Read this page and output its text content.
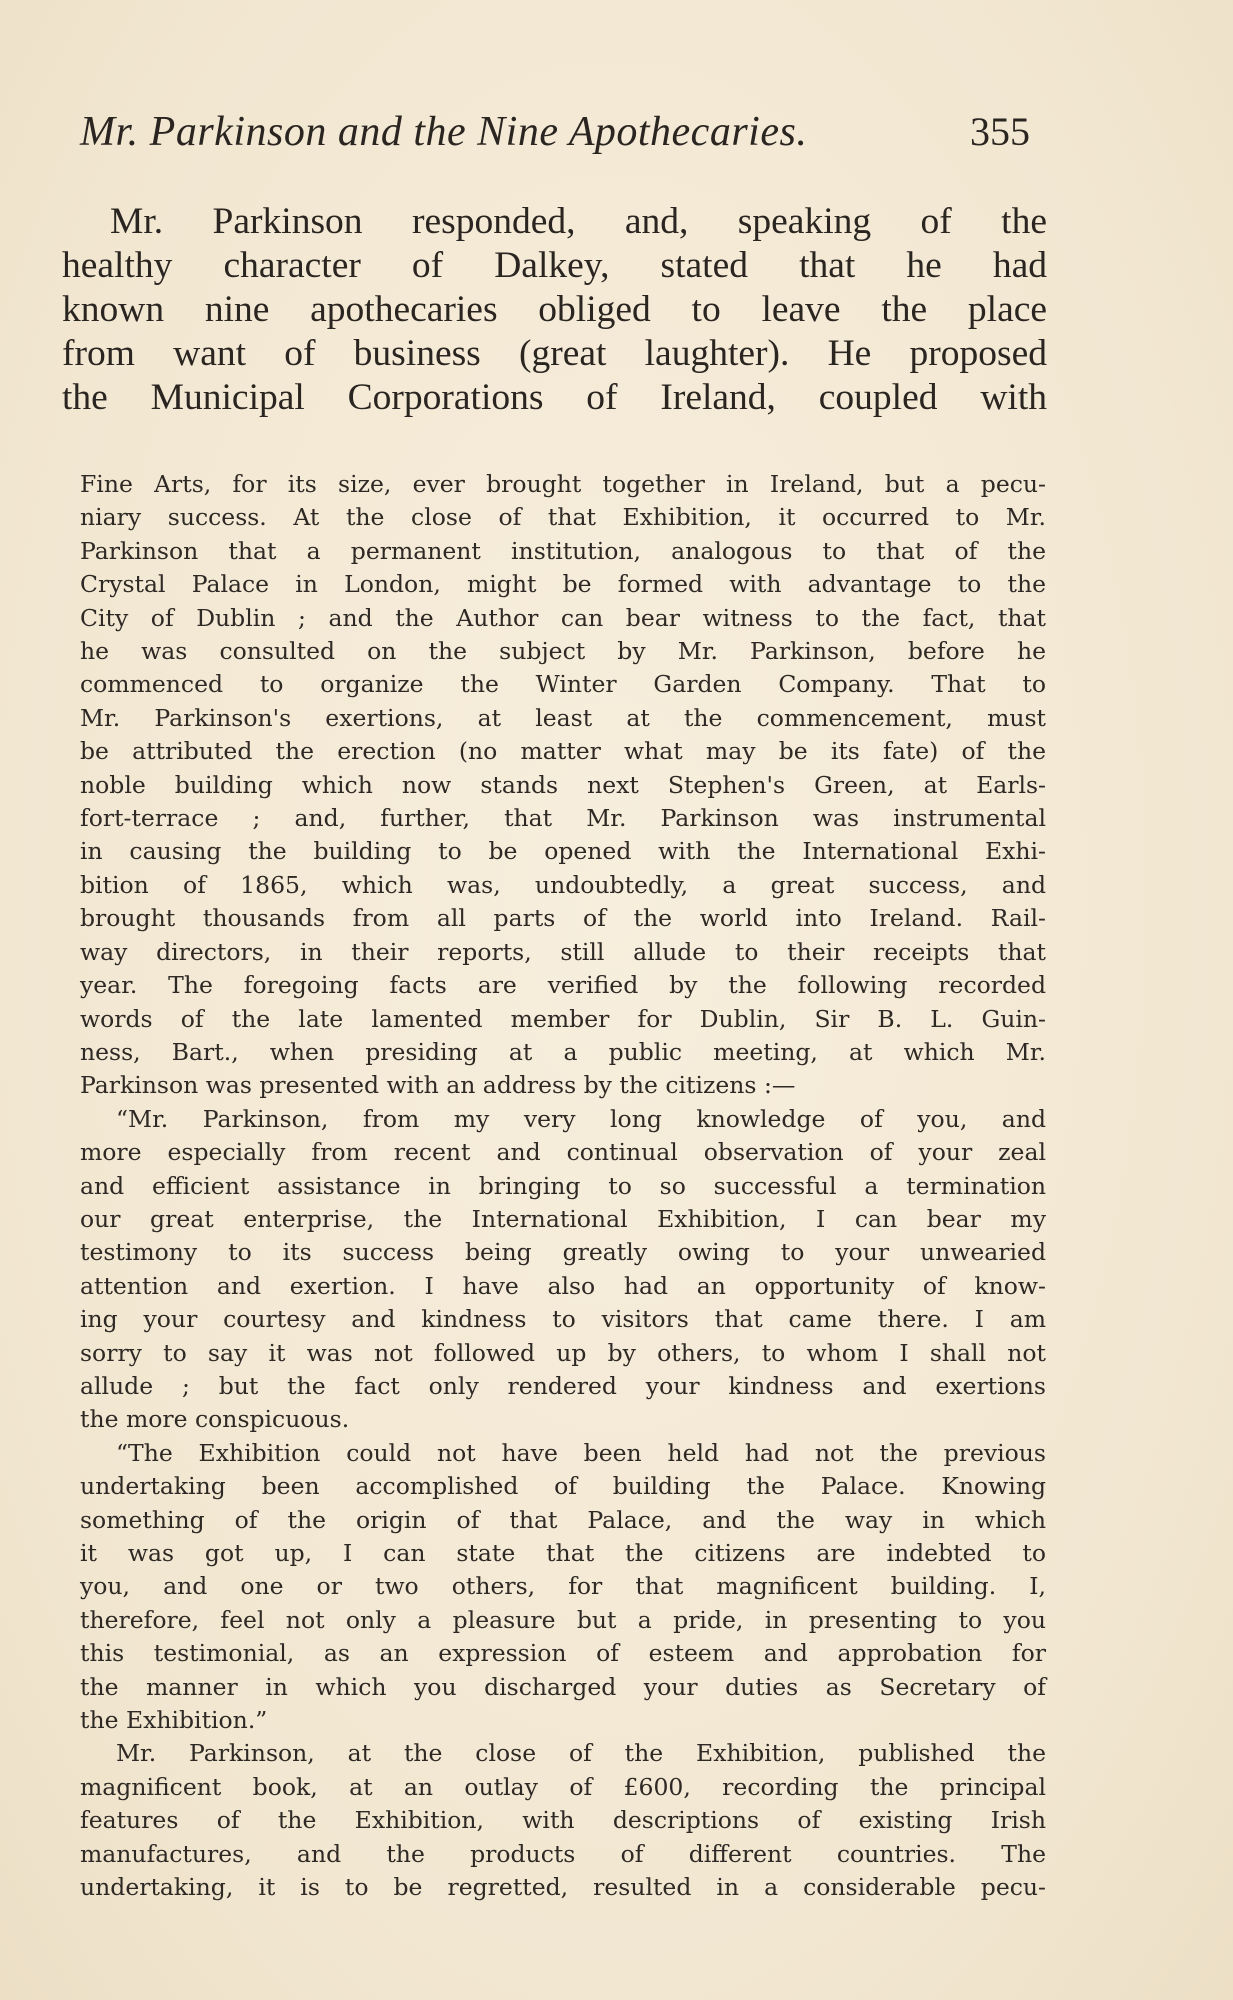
Mr. Parkinson and the Nine Apothecaries.	355
Mr. Parkinson responded, and, speaking of the
healthy character of Dalkey, stated that he had
known nine apothecaries obliged to leave the place
from want of business (great laughter). He proposed
the Municipal Corporations of Ireland, coupled with
Fine Arts, for its size, ever brought together in Ireland, but a pecu-
niary success. At the close of that Exhibition, it occurred to Mr.
Parkinson that a permanent institution, analogous to that of the
Crystal Palace in London, might be formed with advantage to the
City of Dublin ; and the Author can bear witness to the fact, that
he was consulted on the subject by Mr. Parkinson, before he
commenced to organize the Winter Garden Company. That to
Mr. Parkinson's exertions, at least at the commencement, must
be attributed the erection (no matter what may be its fate) of the
noble building which now stands next Stephen's Green, at Earls-
fort-terrace ; and, further, that Mr. Parkinson was instrumental
in causing the building to be opened with the International Exhi-
bition of 1865, which was, undoubtedly, a great success, and
brought thousands from all parts of the world into Ireland. Rail-
way directors, in their reports, still allude to their receipts that
year. The foregoing facts are verified by the following recorded
words of the late lamented member for Dublin, Sir B. L. Guin-
ness, Bart., when presiding at a public meeting, at which Mr.
Parkinson was presented with an address by the citizens :—
“Mr. Parkinson, from my very long knowledge of you, and
more especially from recent and continual observation of your zeal
and efficient assistance in bringing to so successful a termination
our great enterprise, the International Exhibition, I can bear my
testimony to its success being greatly owing to your unwearied
attention and exertion. I have also had an opportunity of know-
ing your courtesy and kindness to visitors that came there. I am
sorry to say it was not followed up by others, to whom I shall not
allude ; but the fact only rendered your kindness and exertions
the more conspicuous.
“The Exhibition could not have been held had not the previous
undertaking been accomplished of building the Palace. Knowing
something of the origin of that Palace, and the way in which
it was got up, I can state that the citizens are indebted to
you, and one or two others, for that magnificent building. I,
therefore, feel not only a pleasure but a pride, in presenting to you
this testimonial, as an expression of esteem and approbation for
the manner in which you discharged your duties as Secretary of
the Exhibition.”
Mr. Parkinson, at the close of the Exhibition, published the
magnificent book, at an outlay of £600, recording the principal
features of the Exhibition, with descriptions of existing Irish
manufactures, and the products of different countries. The
undertaking, it is to be regretted, resulted in a considerable pecu-
